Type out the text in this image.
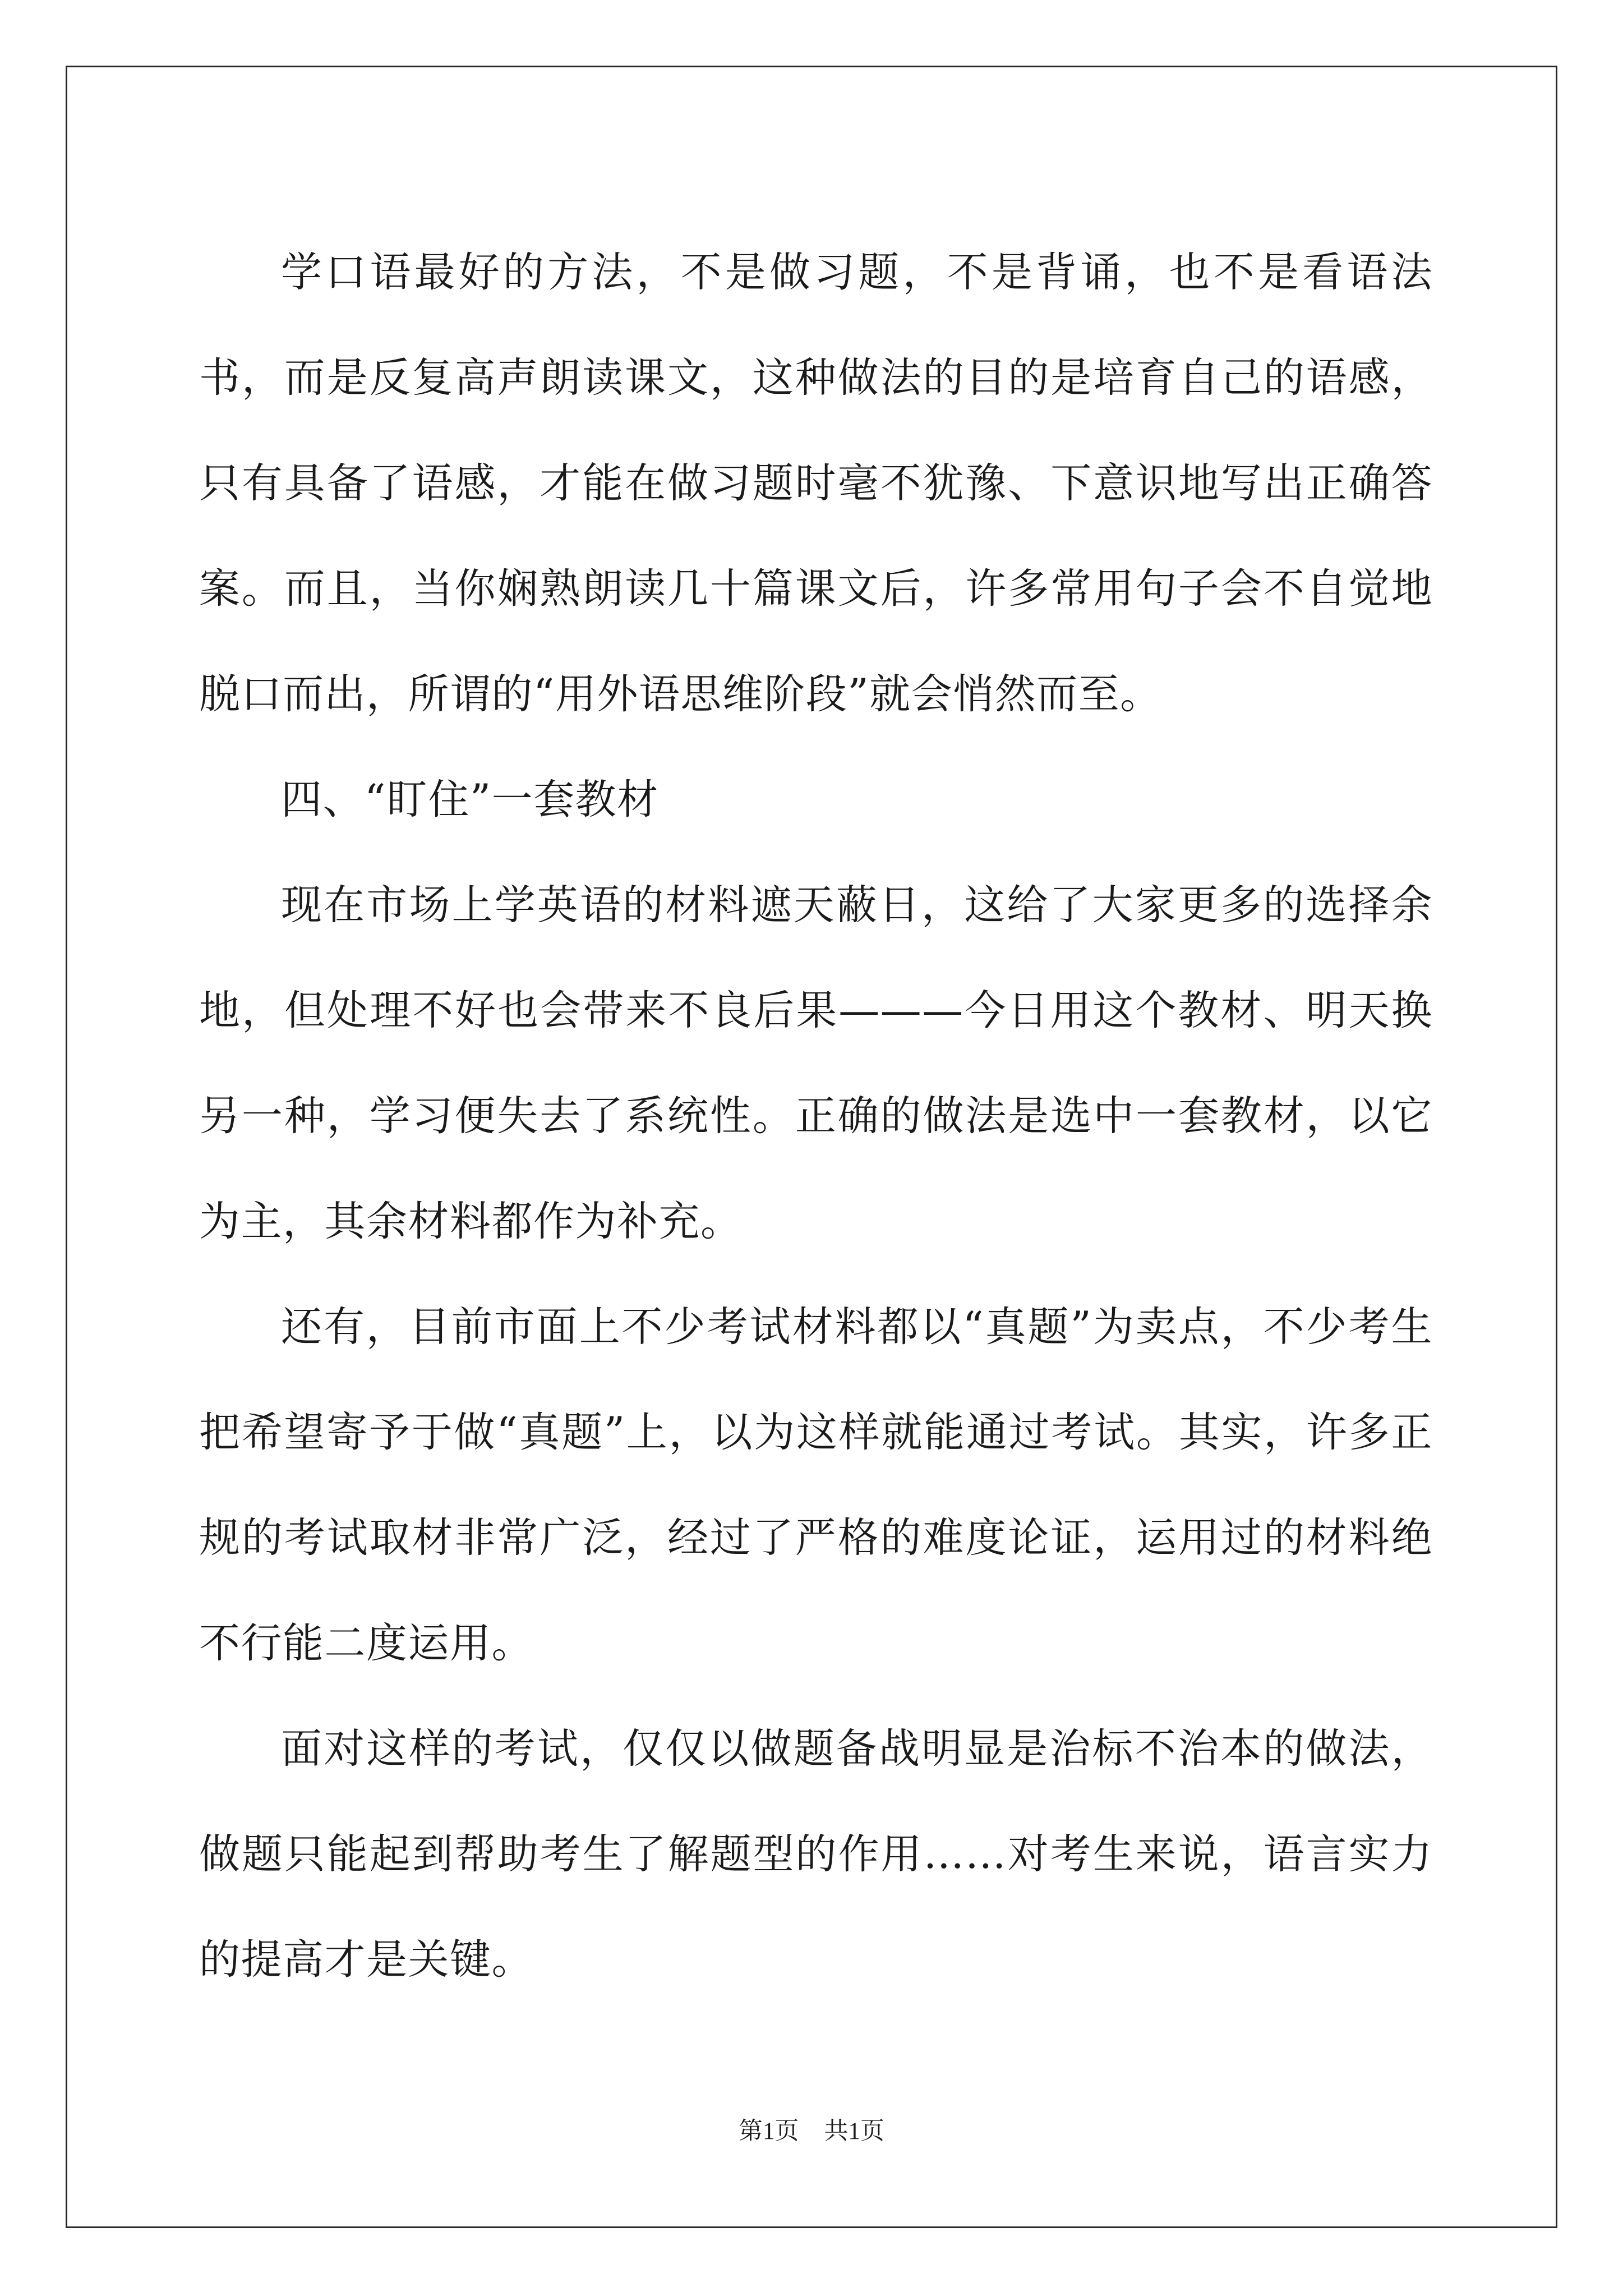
学口语最好的方法，不是做习题，不是背诵，也不是看语法书，而是反复高声朗读课文，这种做法的目的是培育自己的语感，只有具备了语感，才能在做习题时毫不犹豫、下意识地写出正确答案。而且，当你娴熟朗读几十篇课文后，许多常用句子会不自觉地脱口而出，所谓的“用外语思维阶段”就会悄然而至。

四、“盯住”一套教材

现在市场上学英语的材料遮天蔽日，这给了大家更多的选择余地，但处理不好也会带来不良后果———今日用这个教材、明天换另一种，学习便失去了系统性。正确的做法是选中一套教材，以它为主，其余材料都作为补充。

还有，目前市面上不少考试材料都以“真题”为卖点，不少考生把希望寄予于做“真题”上，以为这样就能通过考试。其实，许多正规的考试取材非常广泛，经过了严格的难度论证，运用过的材料绝不行能二度运用。

面对这样的考试，仅仅以做题备战明显是治标不治本的做法，做题只能起到帮助考生了解题型的作用……对考生来说，语言实力的提高才是关键。

第1页 共1页
